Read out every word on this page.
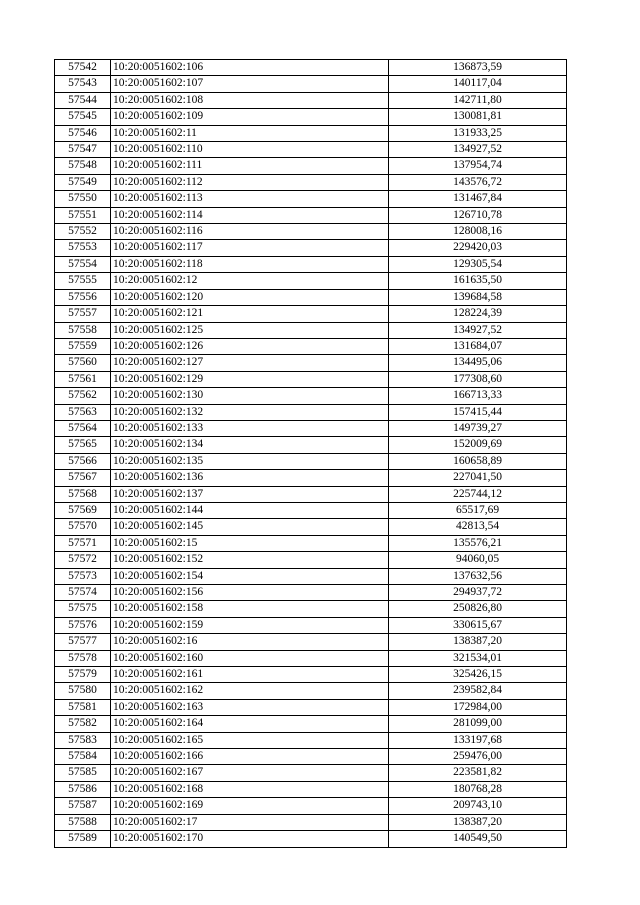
57542	10:20:0051602:106	136873,59
57543	10:20:0051602:107	140117,04
57544	10:20:0051602:108	142711,80
57545	10:20:0051602:109	130081,81
57546	10:20:0051602:11	131933,25
57547	10:20:0051602:110	134927,52
57548	10:20:0051602:111	137954,74
57549	10:20:0051602:112	143576,72
57550	10:20:0051602:113	131467,84
57551	10:20:0051602:114	126710,78
57552	10:20:0051602:116	128008,16
57553	10:20:0051602:117	229420,03
57554	10:20:0051602:118	129305,54
57555	10:20:0051602:12	161635,50
57556	10:20:0051602:120	139684,58
57557	10:20:0051602:121	128224,39
57558	10:20:0051602:125	134927,52
57559	10:20:0051602:126	131684,07
57560	10:20:0051602:127	134495,06
57561	10:20:0051602:129	177308,60
57562	10:20:0051602:130	166713,33
57563	10:20:0051602:132	157415,44
57564	10:20:0051602:133	149739,27
57565	10:20:0051602:134	152009,69
57566	10:20:0051602:135	160658,89
57567	10:20:0051602:136	227041,50
57568	10:20:0051602:137	225744,12
57569	10:20:0051602:144	65517,69
57570	10:20:0051602:145	42813,54
57571	10:20:0051602:15	135576,21
57572	10:20:0051602:152	94060,05
57573	10:20:0051602:154	137632,56
57574	10:20:0051602:156	294937,72
57575	10:20:0051602:158	250826,80
57576	10:20:0051602:159	330615,67
57577	10:20:0051602:16	138387,20
57578	10:20:0051602:160	321534,01
57579	10:20:0051602:161	325426,15
57580	10:20:0051602:162	239582,84
57581	10:20:0051602:163	172984,00
57582	10:20:0051602:164	281099,00
57583	10:20:0051602:165	133197,68
57584	10:20:0051602:166	259476,00
57585	10:20:0051602:167	223581,82
57586	10:20:0051602:168	180768,28
57587	10:20:0051602:169	209743,10
57588	10:20:0051602:17	138387,20
57589	10:20:0051602:170	140549,50
